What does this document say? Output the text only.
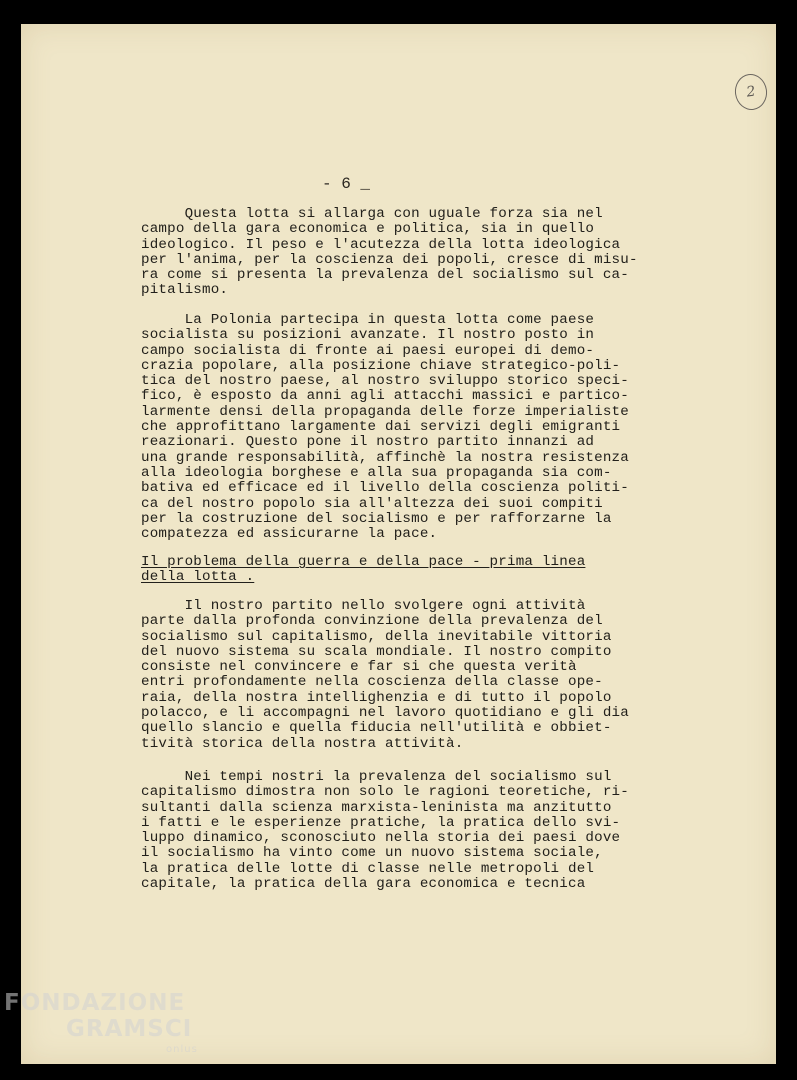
2
- 6 _
Questa lotta si allarga con uguale forza sia nel
campo della gara economica e politica, sia in quello
ideologico. Il peso e l'acutezza della lotta ideologica
per l'anima, per la coscienza dei popoli, cresce di misu-
ra come si presenta la prevalenza del socialismo sul ca-
pitalismo.
La Polonia partecipa in questa lotta come paese
socialista su posizioni avanzate. Il nostro posto in
campo socialista di fronte ai paesi europei di demo-
crazia popolare, alla posizione chiave strategico-poli-
tica del nostro paese, al nostro sviluppo storico speci-
fico, è esposto da anni agli attacchi massici e partico-
larmente densi della propaganda delle forze imperialiste
che approfittano largamente dai servizi degli emigranti
reazionari. Questo pone il nostro partito innanzi ad
una grande responsabilità, affinchè la nostra resistenza
alla ideologia borghese e alla sua propaganda sia com-
bativa ed efficace ed il livello della coscienza politi-
ca del nostro popolo sia all'altezza dei suoi compiti
per la costruzione del socialismo e per rafforzarne la
compatezza ed assicurarne la pace.
Il problema della guerra e della pace - prima linea
della lotta .
Il nostro partito nello svolgere ogni attività
parte dalla profonda convinzione della prevalenza del
socialismo sul capitalismo, della inevitabile vittoria
del nuovo sistema su scala mondiale. Il nostro compito
consiste nel convincere e far si che questa verità
entri profondamente nella coscienza della classe ope-
raia, della nostra intellighenzia e di tutto il popolo
polacco, e li accompagni nel lavoro quotidiano e gli dia
quello slancio e quella fiducia nell'utilità e obbiet-
tività storica della nostra attività.
Nei tempi nostri la prevalenza del socialismo sul
capitalismo dimostra non solo le ragioni teoretiche, ri-
sultanti dalla scienza marxista-leninista ma anzitutto
i fatti e le esperienze pratiche, la pratica dello svi-
luppo dinamico, sconosciuto nella storia dei paesi dove
il socialismo ha vinto come un nuovo sistema sociale,
la pratica delle lotte di classe nelle metropoli del
capitale, la pratica della gara economica e tecnica
FONDAZIONE
GRAMSCI
onlus
